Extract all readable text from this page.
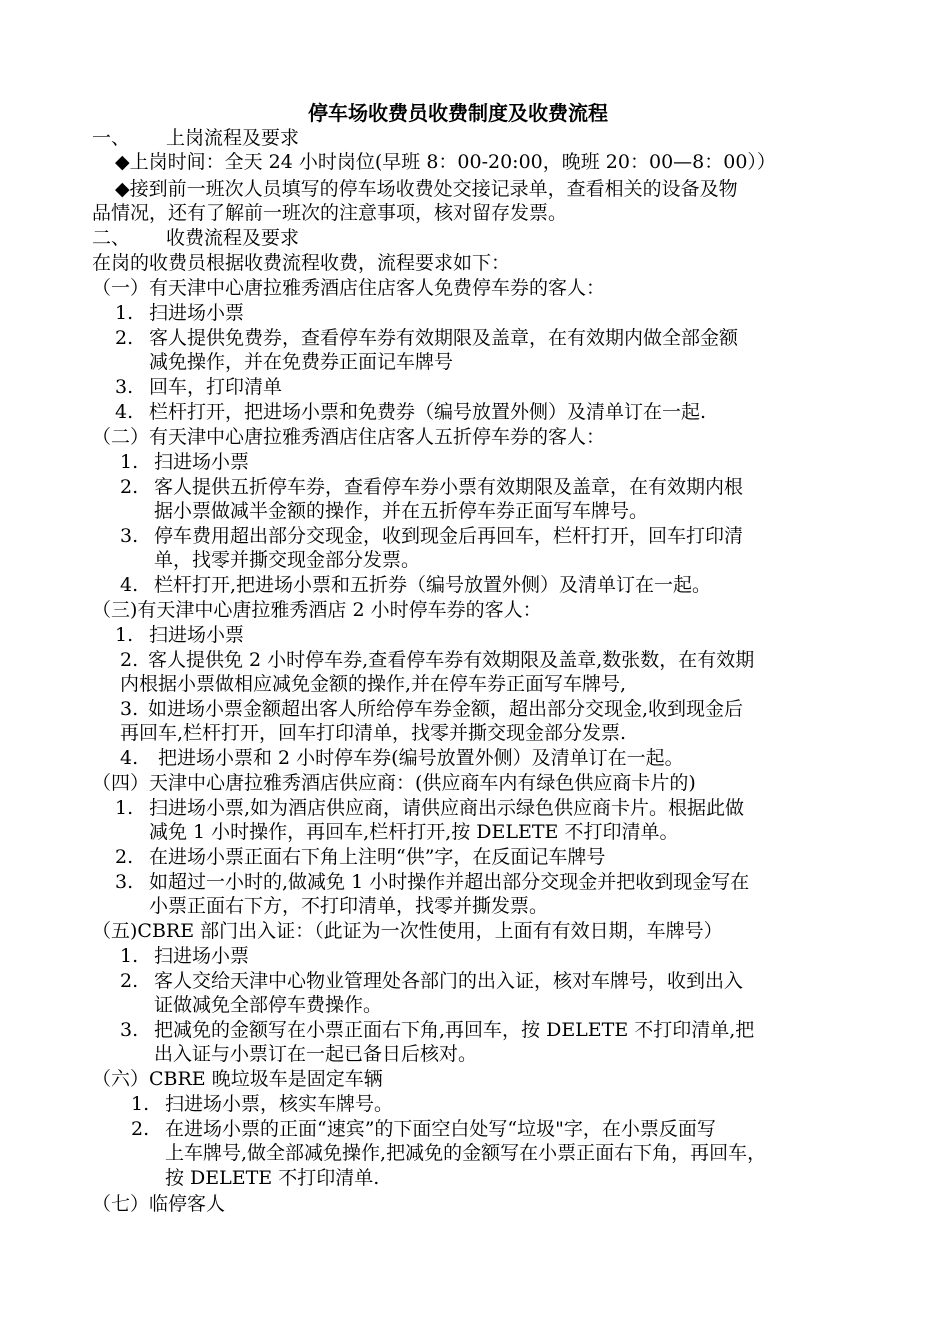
停车场收费员收费制度及收费流程
一、 上岗流程及要求
◆上岗时间：全天 24 小时岗位(早班 8：00-20:00，晚班 20：00—8：00））
◆接到前一班次人员填写的停车场收费处交接记录单，查看相关的设备及物
品情况，还有了解前一班次的注意事项，核对留存发票。
二、 收费流程及要求
在岗的收费员根据收费流程收费，流程要求如下：
（一）有天津中心唐拉雅秀酒店住店客人免费停车券的客人：
1. 扫进场小票
2. 客人提供免费券，查看停车券有效期限及盖章，在有效期内做全部金额
减免操作，并在免费券正面记车牌号
3. 回车，打印清单
4. 栏杆打开，把进场小票和免费券（编号放置外侧）及清单订在一起.
（二）有天津中心唐拉雅秀酒店住店客人五折停车券的客人：
1. 扫进场小票
2. 客人提供五折停车券，查看停车券小票有效期限及盖章，在有效期内根
据小票做减半金额的操作，并在五折停车券正面写车牌号。
3. 停车费用超出部分交现金，收到现金后再回车，栏杆打开，回车打印清
单，找零并撕交现金部分发票。
4. 栏杆打开,把进场小票和五折券（编号放置外侧）及清单订在一起。
（三)有天津中心唐拉雅秀酒店 2 小时停车券的客人：
1. 扫进场小票
2. 客人提供免 2 小时停车券,查看停车券有效期限及盖章,数张数，在有效期
内根据小票做相应减免金额的操作,并在停车券正面写车牌号,
3. 如进场小票金额超出客人所给停车券金额，超出部分交现金,收到现金后
再回车,栏杆打开，回车打印清单，找零并撕交现金部分发票.
4. 把进场小票和 2 小时停车券(编号放置外侧）及清单订在一起。
（四）天津中心唐拉雅秀酒店供应商：(供应商车内有绿色供应商卡片的)
1. 扫进场小票,如为酒店供应商，请供应商出示绿色供应商卡片。根据此做
减免 1 小时操作，再回车,栏杆打开,按 DELETE 不打印清单。
2. 在进场小票正面右下角上注明“供”字，在反面记车牌号
3. 如超过一小时的,做减免 1 小时操作并超出部分交现金并把收到现金写在
小票正面右下方，不打印清单，找零并撕发票。
（五)CBRE 部门出入证：（此证为一次性使用，上面有有效日期，车牌号）
1. 扫进场小票
2. 客人交给天津中心物业管理处各部门的出入证，核对车牌号，收到出入
证做减免全部停车费操作。
3. 把减免的金额写在小票正面右下角,再回车，按 DELETE 不打印清单,把
出入证与小票订在一起已备日后核对。
（六）CBRE 晚垃圾车是固定车辆
1. 扫进场小票，核实车牌号。
2. 在进场小票的正面“速宾”的下面空白处写“垃圾"字，在小票反面写
上车牌号,做全部减免操作,把减免的金额写在小票正面右下角，再回车，
按 DELETE 不打印清单.
（七）临停客人
